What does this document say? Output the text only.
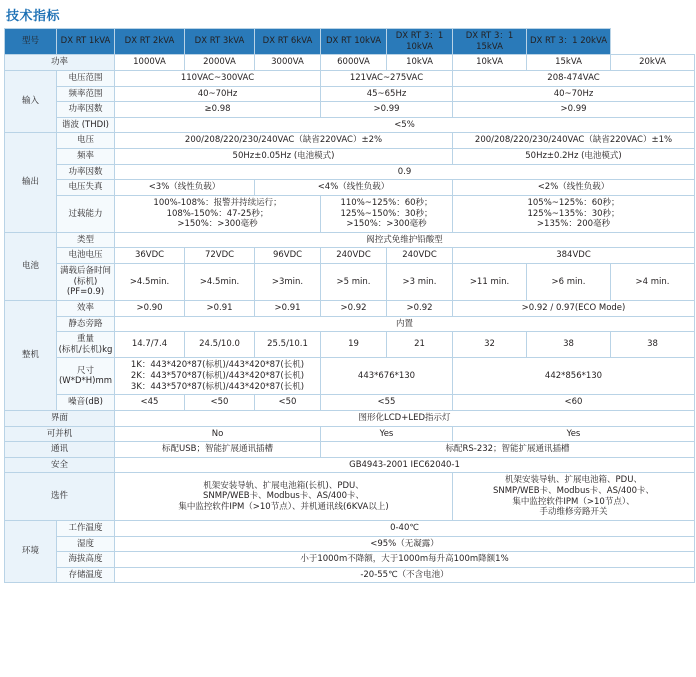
技术指标
型号	DX RT 1kVA	DX RT 2kVA	DX RT 3kVA	DX RT 6kVA	DX RT 10kVA	DX RT 3：1 10kVA	DX RT 3：1 15kVA	DX RT 3：1 20kVA	
功率		1000VA	2000VA	3000VA	6000VA	10kVA	10kVA	15kVA	20kVA
输入	电压范围	110VAC~300VAC			121VAC~275VAC		208-474VAC		
	频率范围	40~70Hz			45~65Hz		40~70Hz		
	功率因数	≥0.98			>0.99		>0.99		
	谐波 (THDI)	<5%							
输出	电压	200/208/220/230/240VAC（缺省220VAC）±2%					200/208/220/230/240VAC（缺省220VAC）±1%		
	频率	50Hz±0.05Hz (电池模式)					50Hz±0.2Hz (电池模式)		
	功率因数	0.9							
	电压失真	<3%（线性负载）		<4%（线性负载）			<2%（线性负载）		
	过载能力	100%-108%：报警并持续运行；
108%-150%：47-25秒；
>150%：>300毫秒			110%~125%：60秒；
125%~150%：30秒；
>150%：>300毫秒		105%~125%：60秒；
125%~135%：30秒；
>135%：200毫秒		
电池	类型	阀控式免维护铅酸型							
	电池电压	36VDC	72VDC	96VDC	240VDC	240VDC	384VDC		
	满载后备时间
(标机)(PF=0.9)	>4.5min.	>4.5min.	>3min.	>5 min.	>3 min.	>11 min.	>6 min.	>4 min.
整机	效率	>0.90	>0.91	>0.91	>0.92	>0.92	>0.92 / 0.97(ECO Mode)		
	静态旁路	内置							
	重量
(标机/长机)kg	14.7/7.4	24.5/10.0	25.5/10.1	19	21	32	38	38
	尺寸
(W*D*H)mm	1K：443*420*87(标机)/443*420*87(长机)
2K：443*570*87(标机)/443*420*87(长机)
3K：443*570*87(标机)/443*420*87(长机)			443*676*130		442*856*130		
	噪音(dB)	<45	<50	<50	<55		<60		
界面		图形化LCD+LED指示灯							
可并机		No			Yes		Yes		
通讯		标配USB；智能扩展通讯插槽			标配RS-232；智能扩展通讯插槽				
安全		GB4943-2001 IEC62040-1							
选件		机架安装导轨、扩展电池箱(长机)、PDU、
SNMP/WEB卡、Modbus卡、AS/400卡、
集中监控软件IPM（>10节点）、并机通讯线(6KVA以上)					机架安装导轨、扩展电池箱、PDU、
SNMP/WEB卡、Modbus卡、AS/400卡、
集中监控软件IPM（>10节点）、
手动维修旁路开关		
环境	工作温度	0-40℃							
	湿度	<95%（无凝露）							
	海拔高度	小于1000m不降额，大于1000m每升高100m降额1%							
	存储温度	-20-55℃（不含电池）							
